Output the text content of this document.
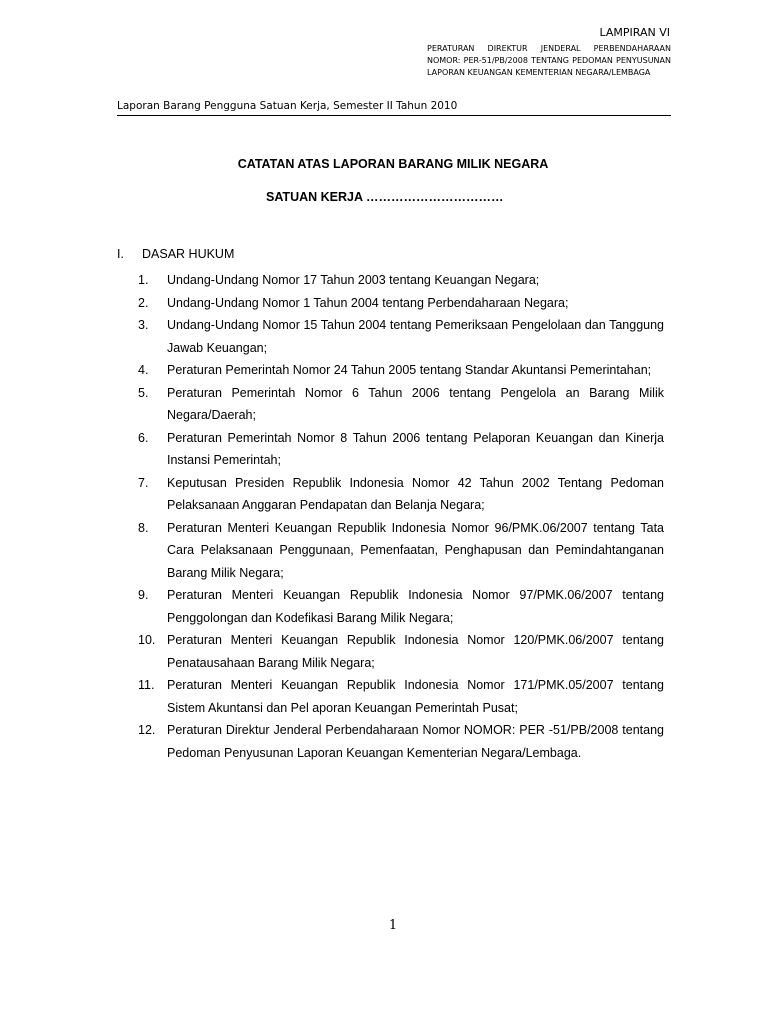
LAMPIRAN VI
PERATURAN DIREKTUR JENDERAL PERBENDAHARAAN NOMOR: PER-51/PB/2008 TENTANG PEDOMAN PENYUSUNAN LAPORAN KEUANGAN KEMENTERIAN NEGARA/LEMBAGA
Laporan Barang Pengguna Satuan Kerja, Semester II Tahun 2010
CATATAN ATAS LAPORAN BARANG MILIK NEGARA
SATUAN KERJA ……………………………
I. DASAR HUKUM
1.	Undang-Undang Nomor 17 Tahun 2003 tentang Keuangan Negara;
2.	Undang-Undang Nomor 1 Tahun 2004 tentang Perbendaharaan Negara;
3.	Undang-Undang Nomor 15 Tahun 2004 tentang Pemeriksaan Pengelolaan dan Tanggung Jawab Keuangan;
4.	Peraturan Pemerintah Nomor 24 Tahun 2005 tentang Standar Akuntansi Pemerintahan;
5.	Peraturan Pemerintah Nomor 6 Tahun 2006 tentang Pengelola an Barang Milik Negara/Daerah;
6.	Peraturan Pemerintah Nomor 8 Tahun 2006 tentang Pelaporan Keuangan dan Kinerja Instansi Pemerintah;
7.	Keputusan Presiden Republik Indonesia Nomor 42 Tahun 2002 Tentang Pedoman Pelaksanaan Anggaran Pendapatan dan Belanja Negara;
8.	Peraturan Menteri Keuangan Republik Indonesia Nomor 96/PMK.06/2007 tentang Tata Cara Pelaksanaan Penggunaan, Pemenfaatan, Penghapusan dan Pemindahtanganan Barang Milik Negara;
9.	Peraturan Menteri Keuangan Republik Indonesia Nomor 97/PMK.06/2007 tentang Penggolongan dan Kodefikasi Barang Milik Negara;
10. Peraturan Menteri Keuangan Republik Indonesia Nomor 120/PMK.06/2007 tentang Penatausahaan Barang Milik Negara;
11.	Peraturan Menteri Keuangan Republik Indonesia Nomor 171/PMK.05/2007 tentang Sistem Akuntansi dan Pel aporan Keuangan Pemerintah Pusat;
12. Peraturan Direktur Jenderal Perbendaharaan Nomor NOMOR: PER -51/PB/2008 tentang Pedoman Penyusunan Laporan Keuangan Kementerian Negara/Lembaga.
1
